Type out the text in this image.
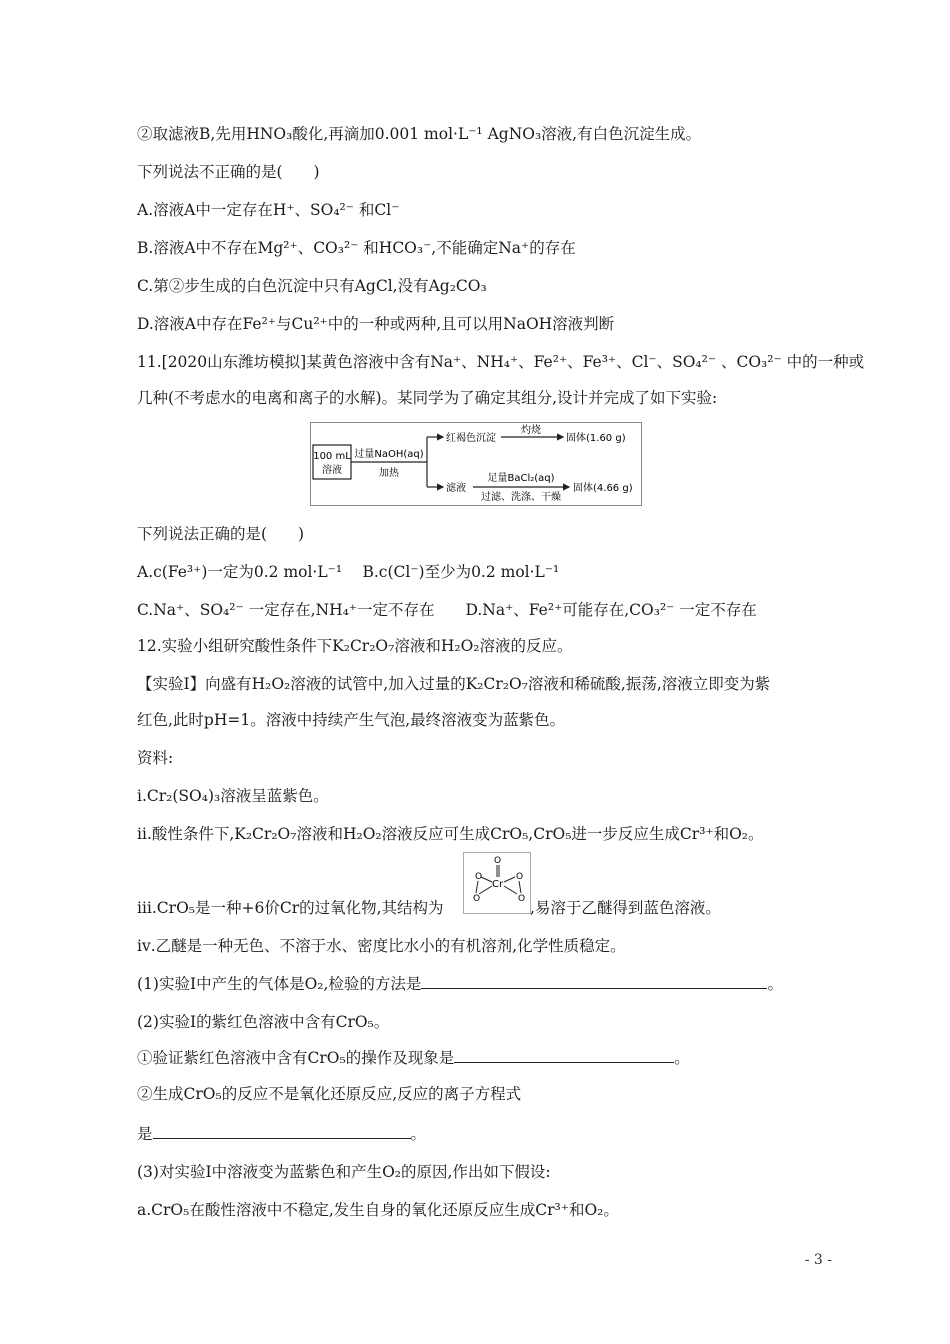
②取滤液B,先用HNO₃酸化,再滴加0.001 mol·L⁻¹ AgNO₃溶液,有白色沉淀生成。
下列说法不正确的是(　　)
A.溶液A中一定存在H⁺、SO₄²⁻ 和Cl⁻
B.溶液A中不存在Mg²⁺、CO₃²⁻ 和HCO₃⁻,不能确定Na⁺的存在
C.第②步生成的白色沉淀中只有AgCl,没有Ag₂CO₃
D.溶液A中存在Fe²⁺与Cu²⁺中的一种或两种,且可以用NaOH溶液判断
11.[2020山东潍坊模拟]某黄色溶液中含有Na⁺、NH₄⁺、Fe²⁺、Fe³⁺、Cl⁻、SO₄²⁻ 、CO₃²⁻ 中的一种或
几种(不考虑水的电离和离子的水解)。某同学为了确定其组分,设计并完成了如下实验:
100 mL
溶液
过量NaOH(aq)
加热
红褐色沉淀
灼烧
固体(1.60 g)
滤液
足量BaCl₂(aq)
过滤、洗涤、干燥
固体(4.66 g)
下列说法正确的是(　　)
A.c(Fe³⁺)一定为0.2 mol·L⁻¹　 B.c(Cl⁻)至少为0.2 mol·L⁻¹
C.Na⁺、SO₄²⁻ 一定存在,NH₄⁺一定不存在　　D.Na⁺、Fe²⁺可能存在,CO₃²⁻ 一定不存在
12.实验小组研究酸性条件下K₂Cr₂O₇溶液和H₂O₂溶液的反应。
【实验Ⅰ】向盛有H₂O₂溶液的试管中,加入过量的K₂Cr₂O₇溶液和稀硫酸,振荡,溶液立即变为紫
红色,此时pH=1。溶液中持续产生气泡,最终溶液变为蓝紫色。
资料:
ⅰ.Cr₂(SO₄)₃溶液呈蓝紫色。
ⅱ.酸性条件下,K₂Cr₂O₇溶液和H₂O₂溶液反应可生成CrO₅,CrO₅进一步反应生成Cr³⁺和O₂。
ⅲ.CrO₅是一种+6价Cr的过氧化物,其结构为
O
Cr
O	O
O	O ,易溶于乙醚得到蓝色溶液。
ⅳ.乙醚是一种无色、不溶于水、密度比水小的有机溶剂,化学性质稳定。
(1)实验Ⅰ中产生的气体是O₂,检验的方法是	。
(2)实验Ⅰ的紫红色溶液中含有CrO₅。
①验证紫红色溶液中含有CrO₅的操作及现象是	。
②生成CrO₅的反应不是氧化还原反应,反应的离子方程式
是	。
(3)对实验Ⅰ中溶液变为蓝紫色和产生O₂的原因,作出如下假设:
a.CrO₅在酸性溶液中不稳定,发生自身的氧化还原反应生成Cr³⁺和O₂。
- 3 -
